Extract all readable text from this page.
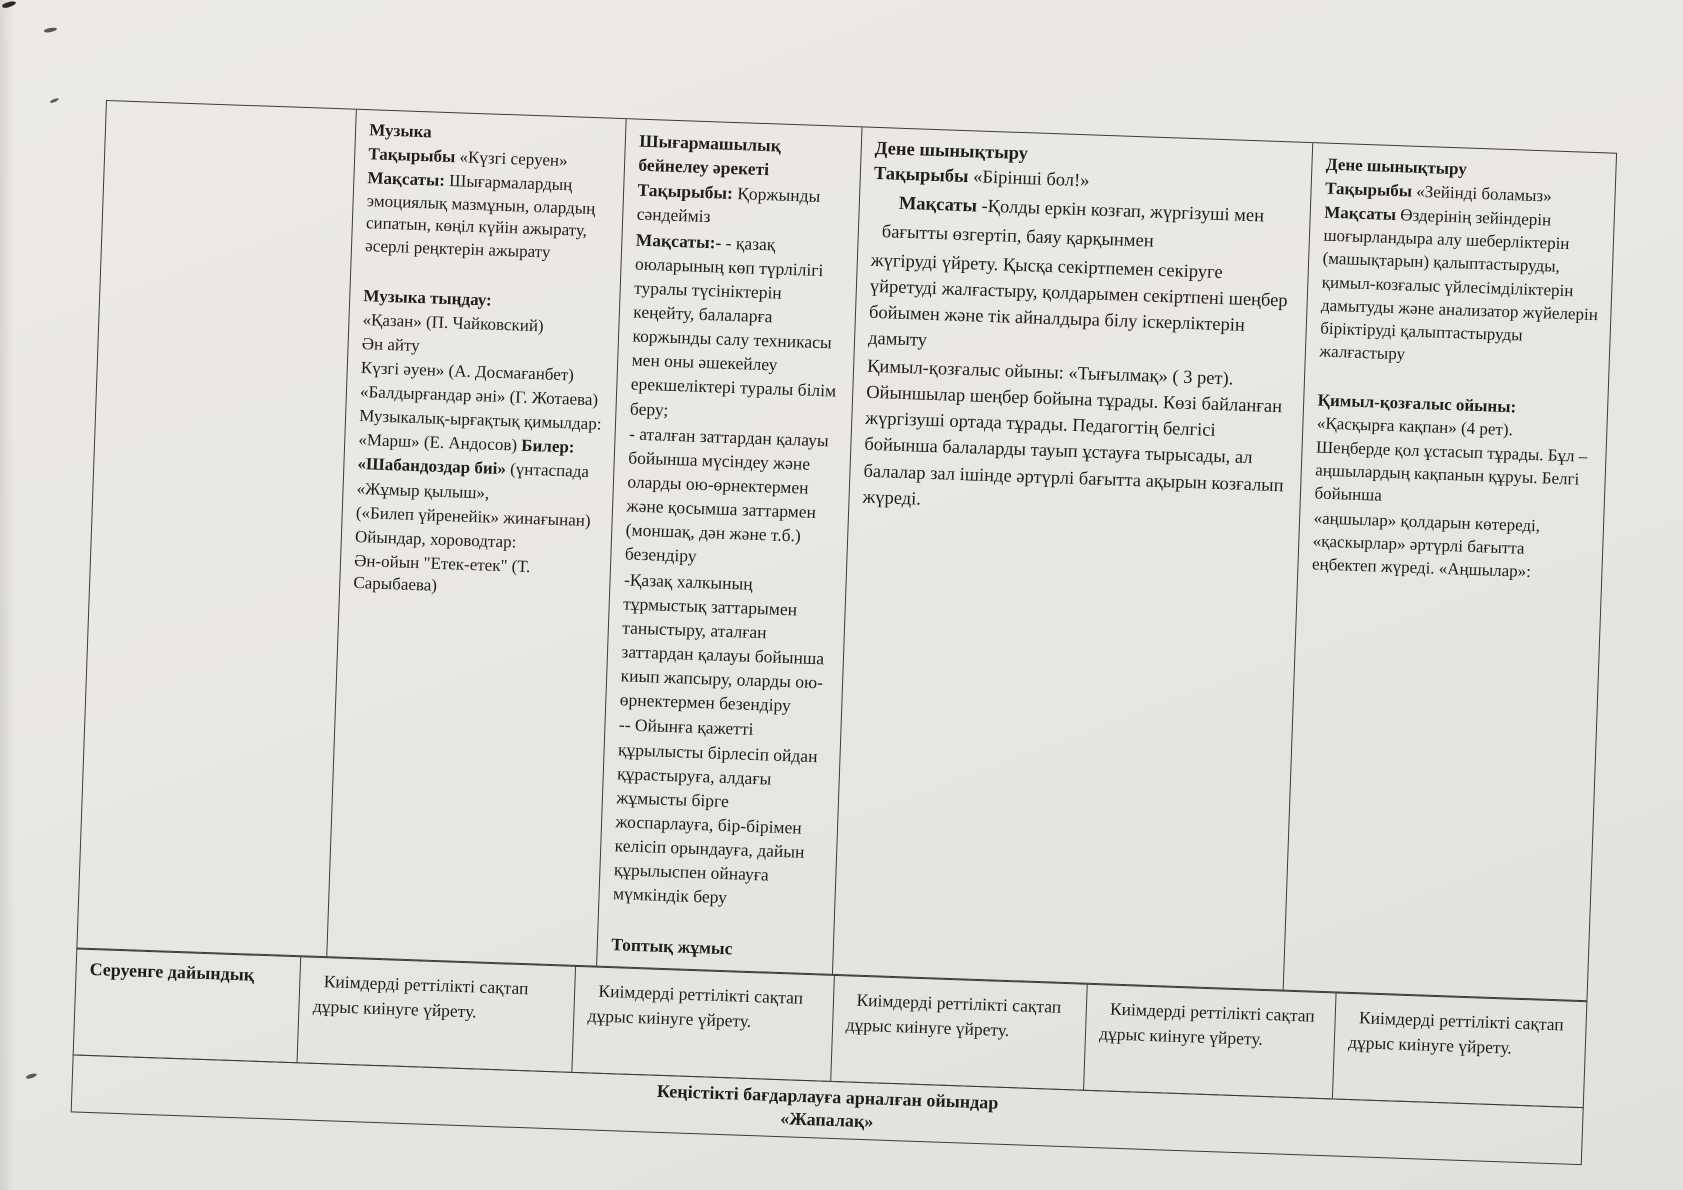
Музыка

Тақырыбы «Күзгі серуен»

Мақсаты: Шығармалардың эмоциялық мазмұнын, олардың сипатын, көңіл күйін ажырату, әсерлі реңктерін ажырату

Музыка тыңдау:

«Қазан» (П. Чайковский)

Ән айту

Күзгі әуен» (А. Досмағанбет)

«Балдырғандар әні» (Г. Жотаева)

Музыкалық-ырғақтық қимылдар:

«Марш» (Е. Андосов) Билер:

«Шабандоздар биі» (үнтаспада

«Жұмыр қылыш»,

(«Билеп үйренейік» жинағынан)

Ойындар, хороводтар:

Ән-ойын "Етек-етек" (Т. Сарыбаева)

Шығармашылық бейнелеу әрекеті

Тақырыбы: Қоржынды сәндейміз

Мақсаты:- - қазақ оюларының көп түрлілігі туралы түсініктерін кеңейту, балаларға коржынды салу техникасы мен оны әшекейлеу ерекшеліктері туралы білім беру;

- аталған заттардан қалауы бойынша мүсіндеу және оларды ою-өрнектермен және қосымша заттармен (моншақ, дән және т.б.) безендіру

-Қазақ халкының тұрмыстық заттарымен таныстыру, аталған заттардан қалауы бойынша киып жапсыру, оларды ою-өрнектермен безендіру

-- Ойынға қажетті құрылысты бірлесіп ойдан құрастыруға, алдағы жұмысты бірге жоспарлауға, бір-бірімен келісіп орындауға, дайын құрылыспен ойнауға мүмкіндік беру

Топтық жұмыс

Дене шынықтыру

Тақырыбы «Бірінші бол!»

Мақсаты -Қолды еркін козғап, жүргізуші мен

бағытты өзгертіп, баяу қарқынмен

жүгіруді үйрету. Қысқа секіртпемен секіруге үйретуді жалғастыру, қолдарымен секіртпені шеңбер бойымен және тік айналдыра білу іскерліктерін дамыту

Қимыл-қозғалыс ойыны: «Тығылмақ» ( 3 рет). Ойыншылар шеңбер бойына тұрады. Көзі байланған жүргізуші ортада тұрады. Педагогтің белгісі бойынша балаларды тауып ұстауға тырысады, ал балалар зал ішінде әртүрлі бағытта ақырын козғалып жүреді.

Дене шынықтыру

Тақырыбы «Зейінді боламыз»

Мақсаты Өздерінің зейіндерін шоғырландыра алу шеберліктерін (машықтарын) қалыптастыруды, қимыл-козғалыс үйлесімділіктерін дамытуды және анализатор жүйелерін біріктіруді қалыптастыруды жалғастыру

Қимыл-қозғалыс ойыны: «Қасқырға кақпан» (4 рет).

Шеңберде қол ұстасып тұрады. Бұл – аңшылардың кақпанын құруы. Белгі бойынша

«аңшылар» қолдарын көтереді, «қаскырлар» әртүрлі бағытта еңбектеп жүреді. «Аңшылар»:

Серуенге дайындық	Киімдерді реттілікті сақтап дұрыс киінуге үйрету.

Киімдерді реттілікті сақтап дұрыс киінуге үйрету.

Киімдерді реттілікті сақтап дұрыс киінуге үйрету.

Киімдерді реттілікті сақтап дұрыс киінуге үйрету.

Киімдерді реттілікті сақтап дұрыс киінуге үйрету.

Кеңістікті бағдарлауға арналған ойындар
«Жапалақ»
